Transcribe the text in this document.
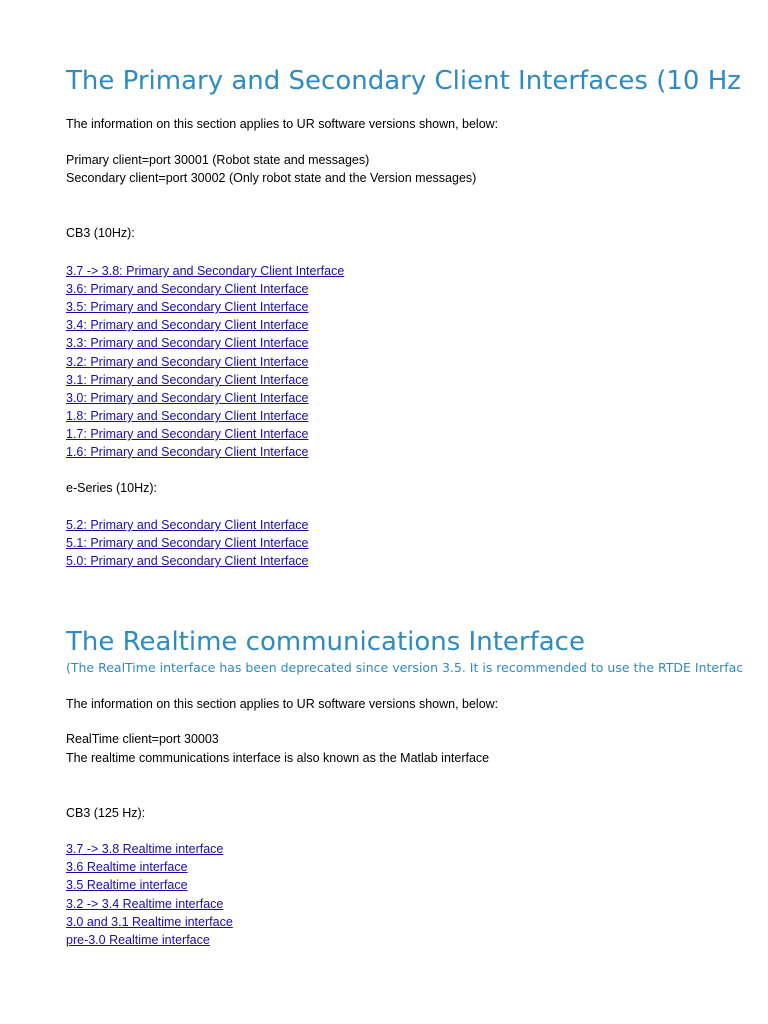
The Primary and Secondary Client Interfaces (10 Hz

The information on this section applies to UR software versions shown, below:

Primary client=port 30001 (Robot state and messages)

Secondary client=port 30002 (Only robot state and the Version messages)

CB3 (10Hz):

3.7 -> 3.8: Primary and Secondary Client Interface
3.6: Primary and Secondary Client Interface
3.5: Primary and Secondary Client Interface
3.4: Primary and Secondary Client Interface
3.3: Primary and Secondary Client Interface
3.2: Primary and Secondary Client Interface
3.1: Primary and Secondary Client Interface
3.0: Primary and Secondary Client Interface
1.8: Primary and Secondary Client Interface
1.7: Primary and Secondary Client Interface
1.6: Primary and Secondary Client Interface

e-Series (10Hz):

5.2: Primary and Secondary Client Interface
5.1: Primary and Secondary Client Interface
5.0: Primary and Secondary Client Interface
The Realtime communications Interface

(The RealTime interface has been deprecated since version 3.5. It is recommended to use the RTDE Interfac

The information on this section applies to UR software versions shown, below:

RealTime client=port 30003

The realtime communications interface is also known as the Matlab interface

CB3 (125 Hz):

3.7 -> 3.8 Realtime interface
3.6 Realtime interface
3.5 Realtime interface
3.2 -> 3.4 Realtime interface
3.0 and 3.1 Realtime interface
pre-3.0 Realtime interface
